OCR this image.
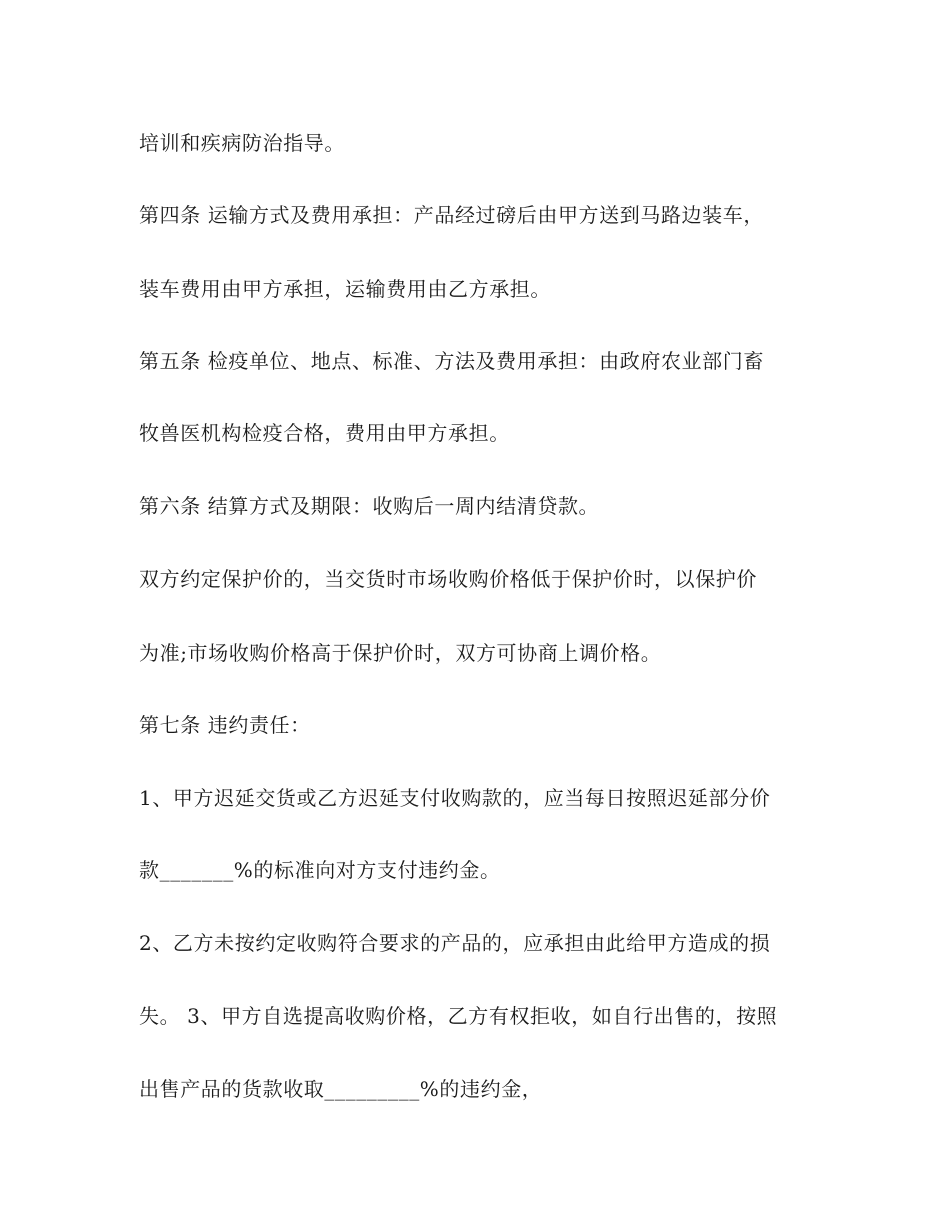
培训和疾病防治指导。
第四条 运输方式及费用承担：产品经过磅后由甲方送到马路边装车，
装车费用由甲方承担，运输费用由乙方承担。
第五条 检疫单位、地点、标准、方法及费用承担：由政府农业部门畜
牧兽医机构检疫合格，费用由甲方承担。
第六条 结算方式及期限：收购后一周内结清贷款。
双方约定保护价的，当交货时市场收购价格低于保护价时，以保护价
为准;市场收购价格高于保护价时，双方可协商上调价格。
第七条 违约责任：
1、甲方迟延交货或乙方迟延支付收购款的，应当每日按照迟延部分价
款_______%的标准向对方支付违约金。
2、乙方未按约定收购符合要求的产品的，应承担由此给甲方造成的损
失。 3、甲方自选提高收购价格，乙方有权拒收，如自行出售的，按照
出售产品的货款收取_________%的违约金，
